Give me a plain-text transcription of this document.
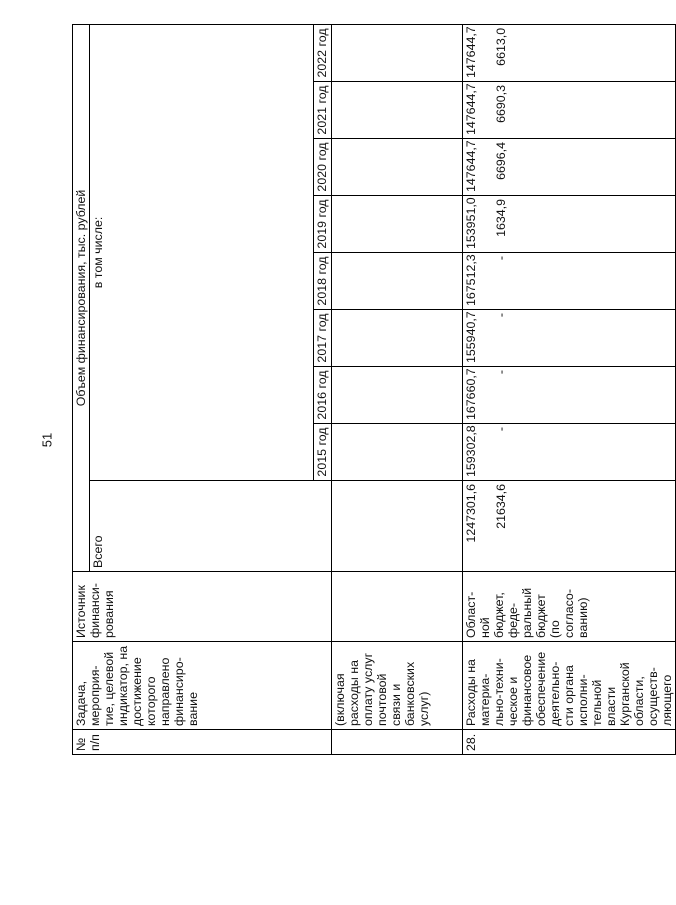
51
№ п/п	Задача, мероприя-тие, целевой индикатор, на достижение которого направлено финансиро-вание	Источник финанси-рования	Объем финансирования, тыс. рублей								
			Всего	в том числе:							
				2015 год	2016 год	2017 год	2018 год	2019 год	2020 год	2021 год	2022 год
	(включая расходы на оплату услуг почтовой связи и банковских услуг)										
28.	Расходы на материа-льно-техни-ческое и финансовое обеспечение деятельно-сти органа исполни-тельной власти Курганской области, осуществ-ляющего	Област-ной бюджет, феде-ральный бюджет (по согласо-ванию)	1247301,6 21634,6	159302,8 -	167660,7 -	155940,7 -	167512,3 -	153951,0 1634,9	147644,7 6696,4	147644,7 6690,3	147644,7 6613,0
